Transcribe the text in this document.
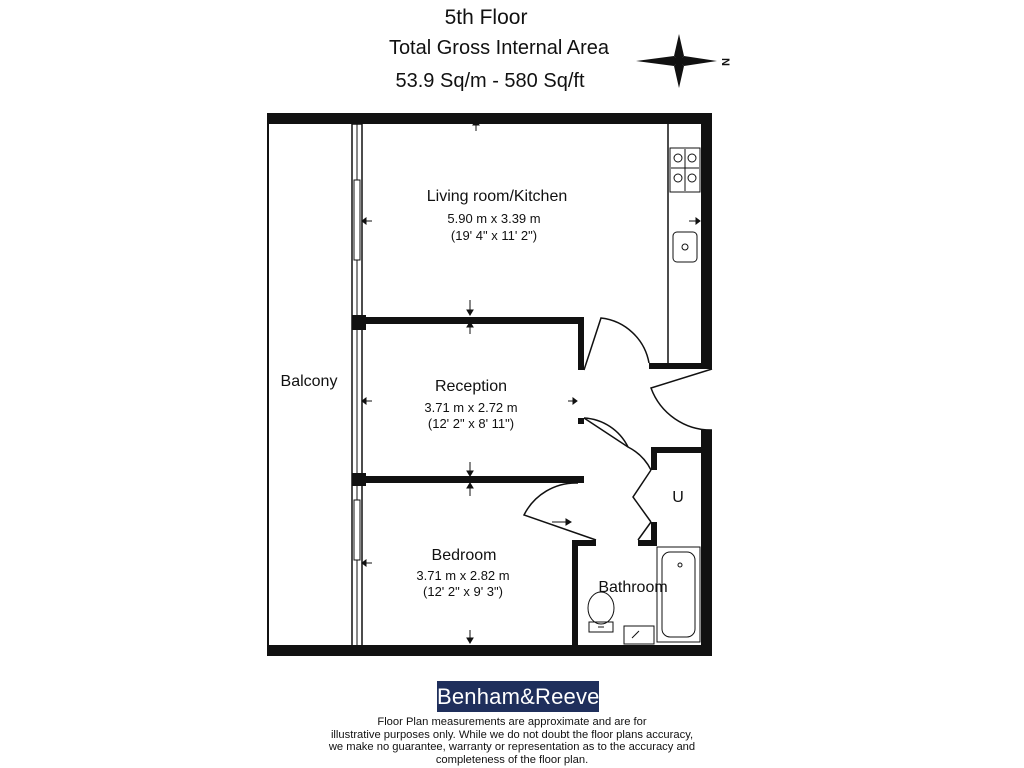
5th Floor
Total Gross Internal Area
53.9 Sq/m - 580 Sq/ft
N
Living room/Kitchen
5.90 m x 3.39 m
(19' 4" x 11' 2")
Reception
3.71 m x 2.72 m
(12' 2" x 8' 11")
Bedroom
3.71 m x 2.82 m
(12' 2" x 9' 3")
Balcony
U
Bathroom
Benham&Reeves
Floor Plan measurements are approximate and are for
illustrative purposes only. While we do not doubt the floor plans accuracy,
we make no guarantee, warranty or representation as to the accuracy and
completeness of the floor plan.
